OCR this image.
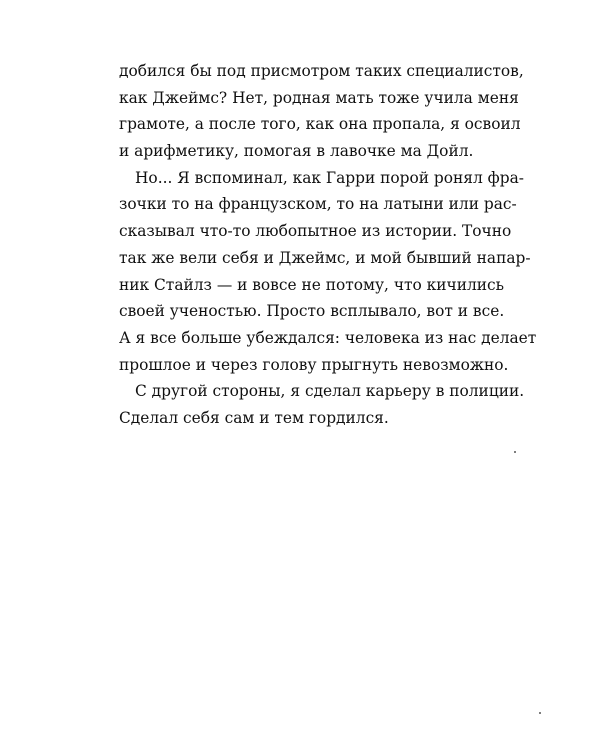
добился бы под присмотром таких специалистов,
как Джеймс? Нет, родная мать тоже учила меня
грамоте, а после того, как она пропала, я освоил
и арифметику, помогая в лавочке ма Дойл.
Но... Я вспоминал, как Гарри порой ронял фра-
зочки то на французском, то на латыни или рас-
сказывал что-то любопытное из истории. Точно
так же вели себя и Джеймс, и мой бывший напар-
ник Стайлз — и вовсе не потому, что кичились
своей ученостью. Просто всплывало, вот и все.
А я все больше убеждался: человека из нас делает
прошлое и через голову прыгнуть невозможно.
С другой стороны, я сделал карьеру в полиции.
Сделал себя сам и тем гордился.
